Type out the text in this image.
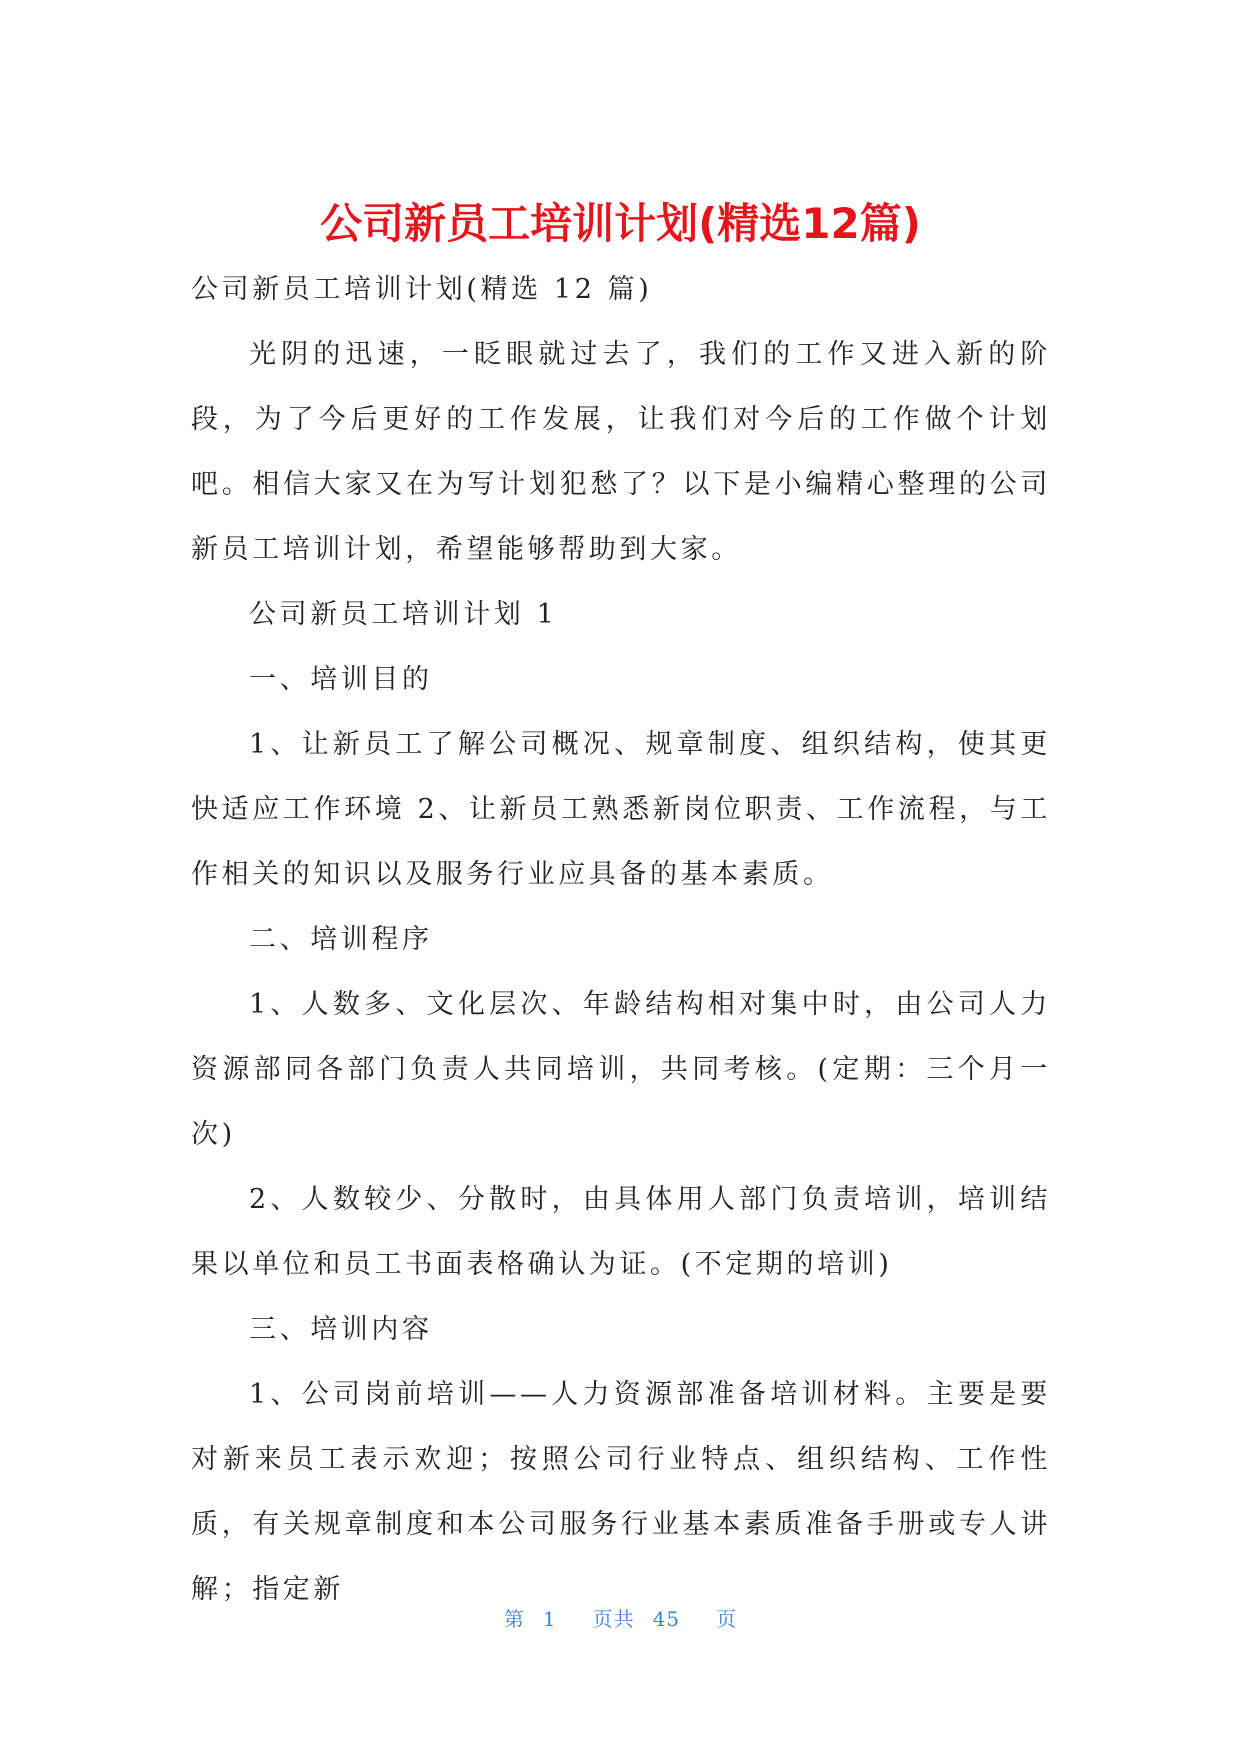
公司新员工培训计划(精选12篇)

公司新员工培训计划(精选 12 篇)

光阴的迅速，一眨眼就过去了，我们的工作又进入新的阶段，为了今后更好的工作发展，让我们对今后的工作做个计划吧。相信大家又在为写计划犯愁了？以下是小编精心整理的公司新员工培训计划，希望能够帮助到大家。

公司新员工培训计划 1

一、培训目的

1、让新员工了解公司概况、规章制度、组织结构，使其更快适应工作环境 2、让新员工熟悉新岗位职责、工作流程，与工作相关的知识以及服务行业应具备的基本素质。

二、培训程序

1、人数多、文化层次、年龄结构相对集中时，由公司人力资源部同各部门负责人共同培训，共同考核。(定期：三个月一次)

2、人数较少、分散时，由具体用人部门负责培训，培训结果以单位和员工书面表格确认为证。(不定期的培训)

三、培训内容

1、公司岗前培训——人力资源部准备培训材料。主要是要对新来员工表示欢迎；按照公司行业特点、组织结构、工作性质，有关规章制度和本公司服务行业基本素质准备手册或专人讲解；指定新

第 1 页共 45 页
